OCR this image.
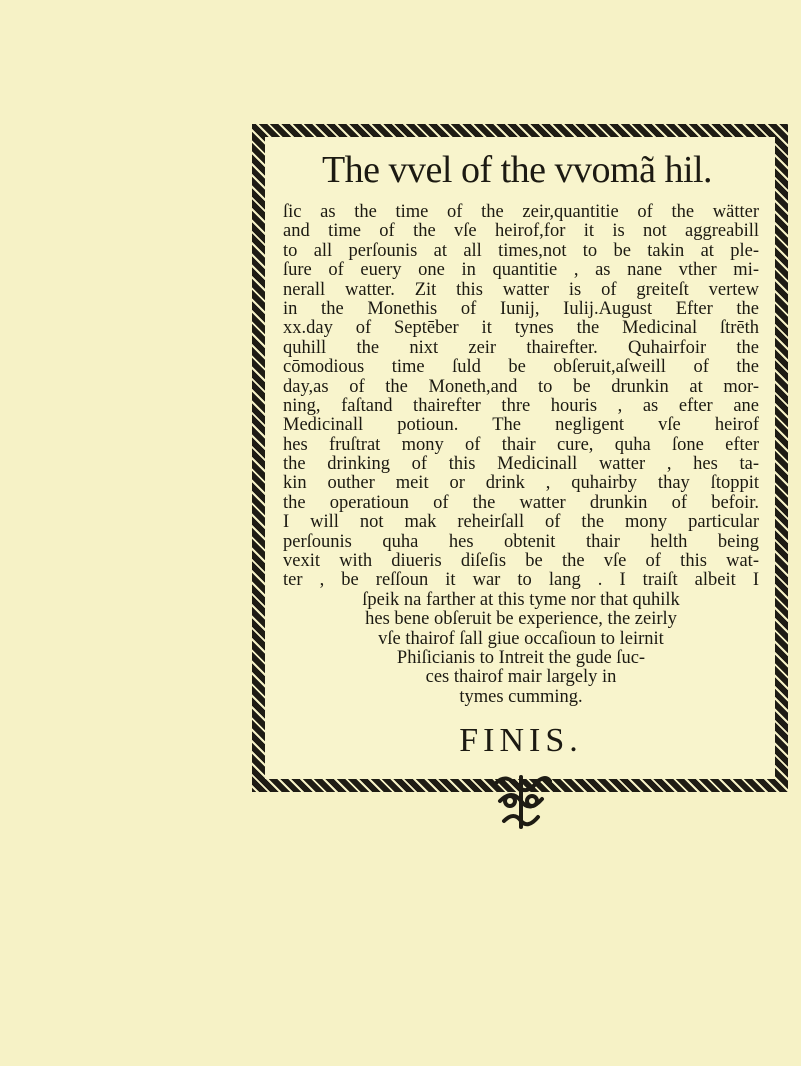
The vvel of the vvomã hil.
ſic as the time of the zeir,quantitie of the wätter
and time of the vſe heirof,for it is not aggreabill
to all perſounis at all times,not to be takin at ple-
ſure of euery one in quantitie , as nane vther mi-
nerall watter. Zit this watter is of greiteſt vertew
in the Monethis of Iunij, Iulij.August Efter the
xx.day of Septēber it tynes the Medicinal ſtrēth
quhill the nixt zeir thairefter. Quhairfoir the
cōmodious time ſuld be obſeruit,aſweill of the
day,as of the Moneth,and to be drunkin at mor-
ning, faſtand thairefter thre houris , as efter ane
Medicinall potioun. The negligent vſe heirof
hes fruſtrat mony of thair cure, quha ſone efter
the drinking of this Medicinall watter , hes ta-
kin outher meit or drink , quhairby thay ſtoppit
the operatioun of the watter drunkin of befoir.
I will not mak reheirſall of the mony particular
perſounis quha hes obtenit thair helth being
vexit with diueris diſeſis be the vſe of this wat-
ter , be reſſoun it war to lang . I traiſt albeit I
ſpeik na farther at this tyme nor that quhilk
hes bene obſeruit be experience, the zeirly
vſe thairof ſall giue occaſioun to leirnit
Phiſicianis to Intreit the gude ſuc-
ces thairof mair largely in
tymes cumming.
FINIS.
